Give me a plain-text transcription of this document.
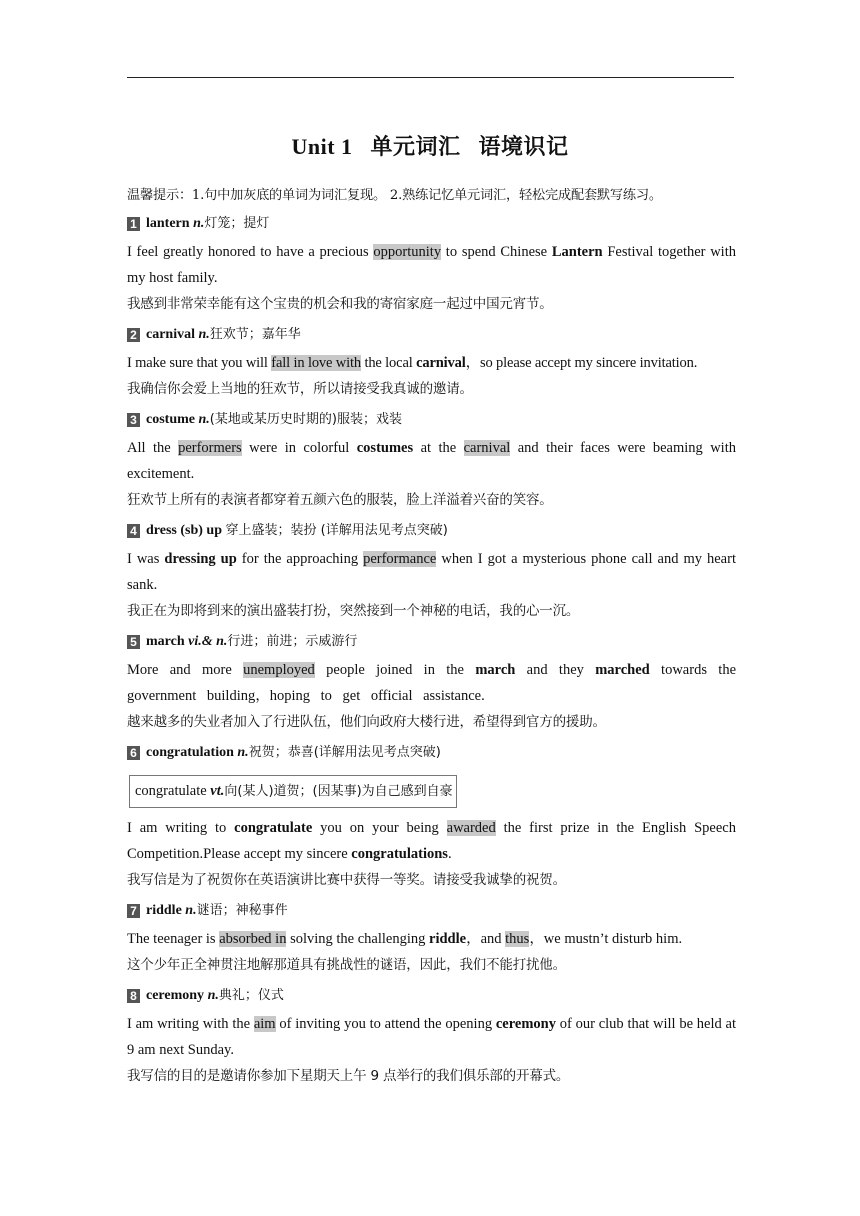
Unit 1 单元词汇 语境识记
温馨提示：1.句中加灰底的单词为词汇复现。 2.熟练记忆单元词汇，轻松完成配套默写练习。
1 lantern n.灯笼；提灯
I feel greatly honored to have a precious opportunity to spend Chinese Lantern Festival together with my host family.
我感到非常荣幸能有这个宝贵的机会和我的寄宿家庭一起过中国元宵节。
2 carnival n.狂欢节；嘉年华
I make sure that you will fall in love with the local carnival，so please accept my sincere invitation.
我确信你会爱上当地的狂欢节，所以请接受我真诚的邀请。
3 costume n.(某地或某历史时期的)服装；戏装
All the performers were in colorful costumes at the carnival and their faces were beaming with excitement.
狂欢节上所有的表演者都穿着五颜六色的服装，脸上洋溢着兴奋的笑容。
4 dress (sb) up 穿上盛装；装扮 (详解用法见考点突破)
I was dressing up for the approaching performance when I got a mysterious phone call and my heart sank.
我正在为即将到来的演出盛装打扮，突然接到一个神秘的电话，我的心一沉。
5 march vi.& n.行进；前进；示威游行
More and more unemployed people joined in the march and they marched towards the government building，hoping to get official assistance.
越来越多的失业者加入了行进队伍，他们向政府大楼行进，希望得到官方的援助。
6 congratulation n.祝贺；恭喜(详解用法见考点突破)
congratulate vt.向(某人)道贺；(因某事)为自己感到自豪
I am writing to congratulate you on your being awarded the first prize in the English Speech Competition.Please accept my sincere congratulations.
我写信是为了祝贺你在英语演讲比赛中获得一等奖。请接受我诚挚的祝贺。
7 riddle n.谜语；神秘事件
The teenager is absorbed in solving the challenging riddle，and thus，we mustn’t disturb him.
这个少年正全神贯注地解那道具有挑战性的谜语，因此，我们不能打扰他。
8 ceremony n.典礼；仪式
I am writing with the aim of inviting you to attend the opening ceremony of our club that will be held at 9 am next Sunday.
我写信的目的是邀请你参加下星期天上午 9 点举行的我们俱乐部的开幕式。
